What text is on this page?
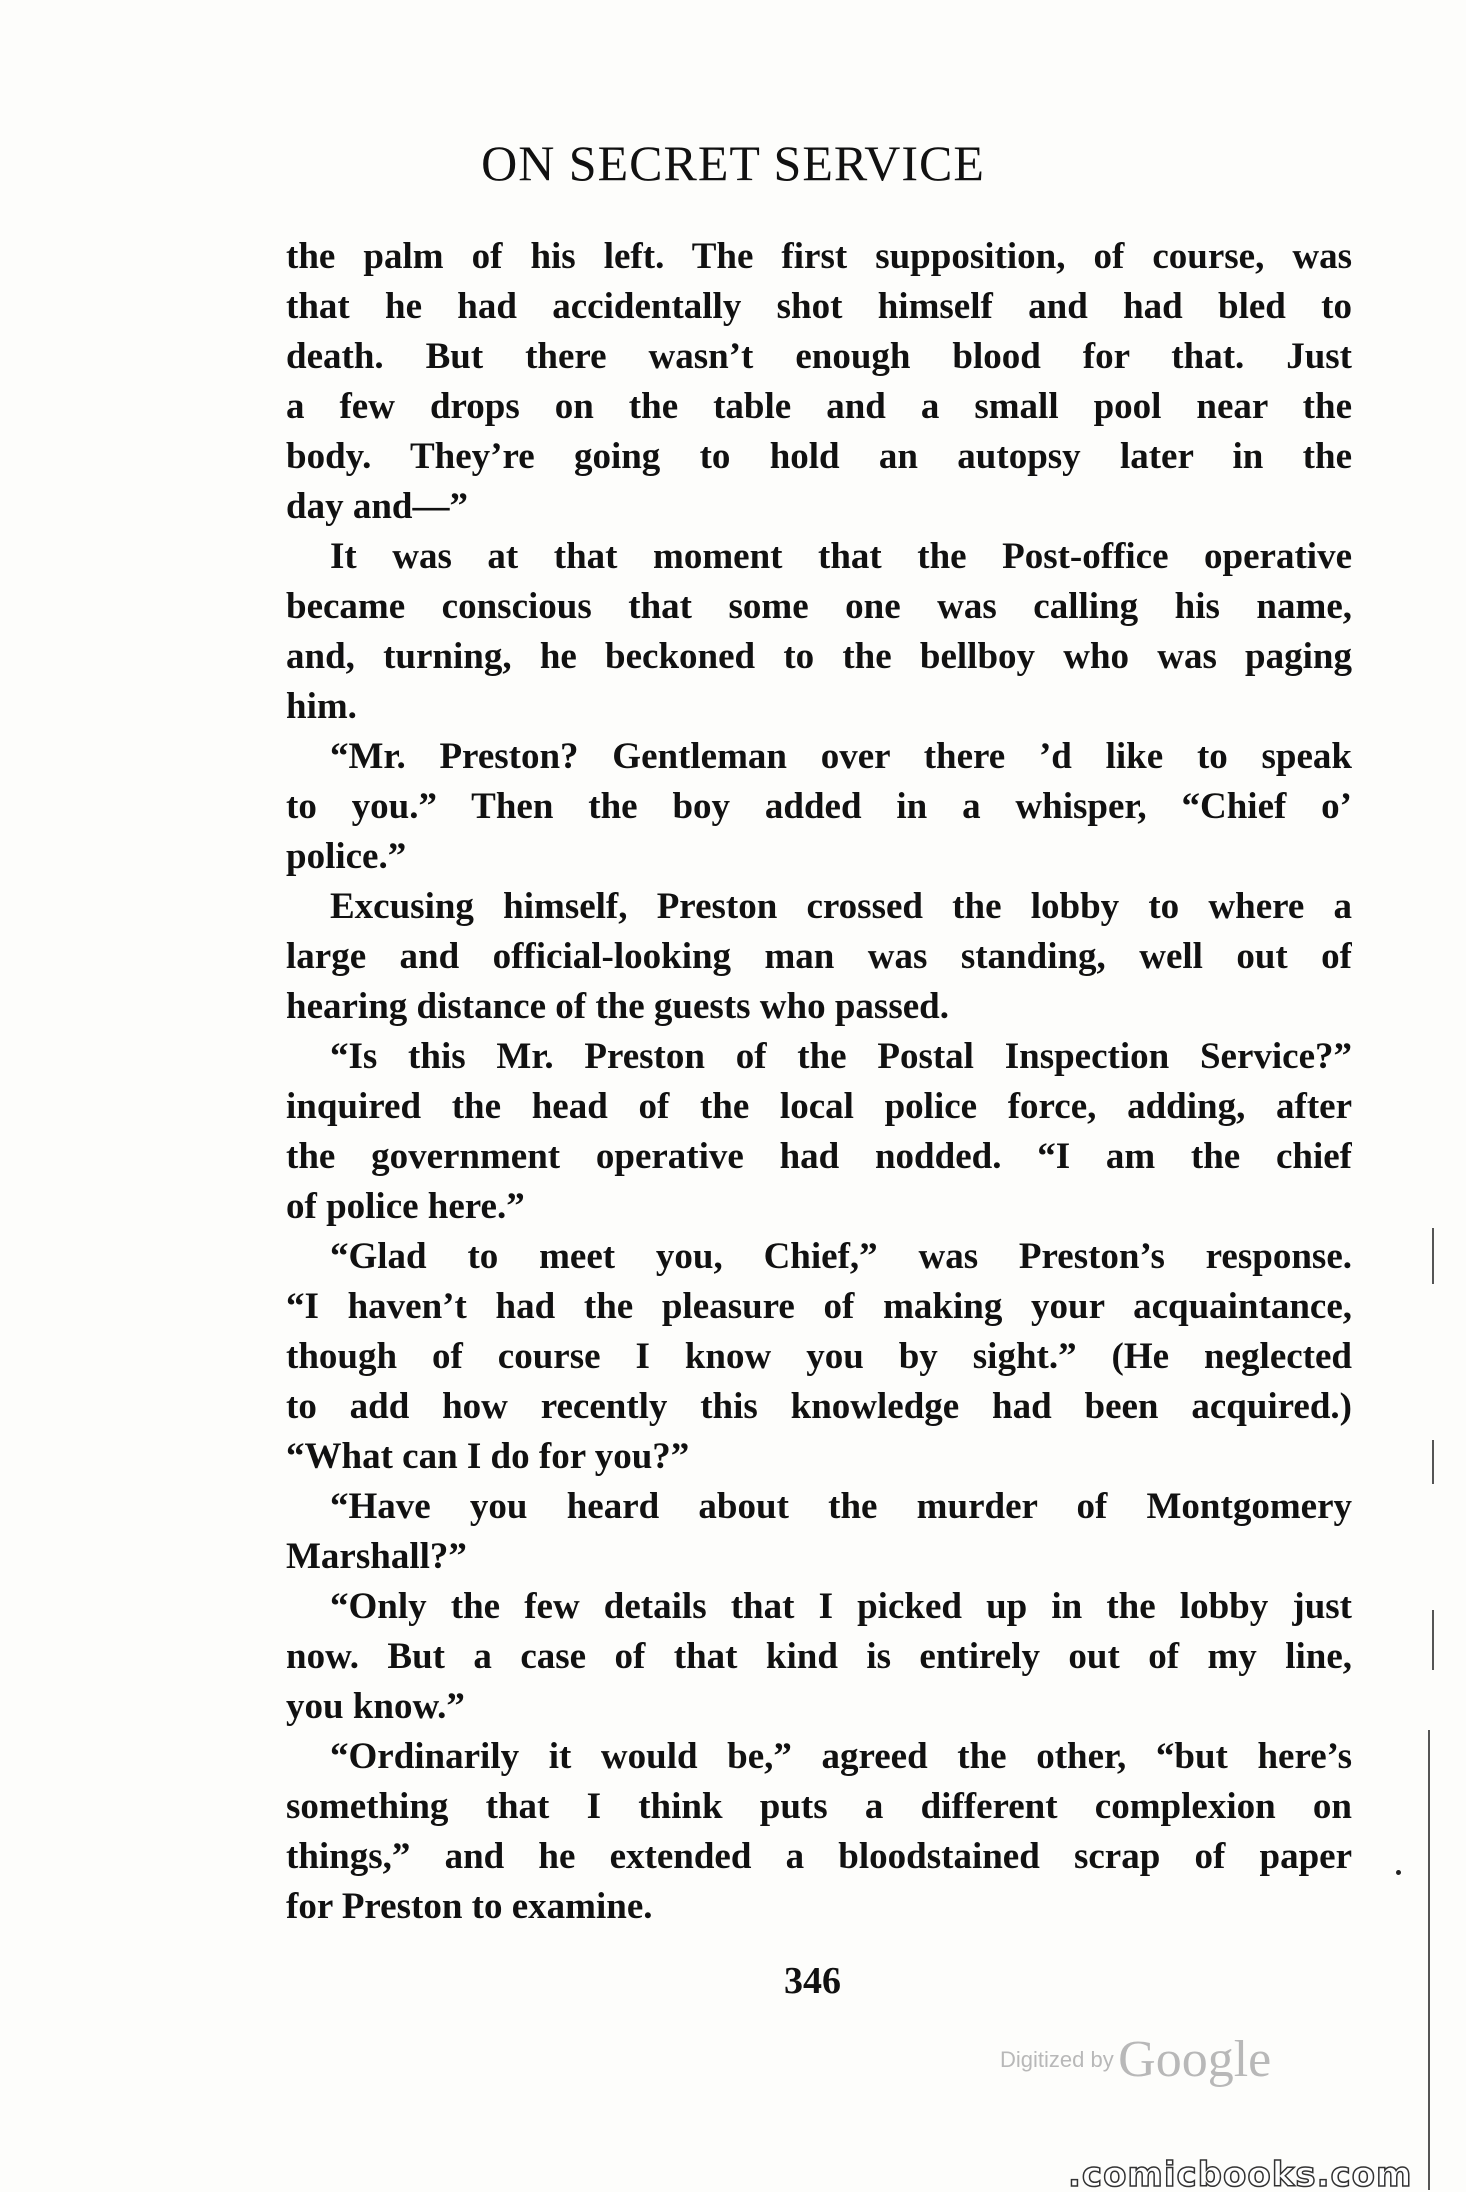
ON SECRET SERVICE
the palm of his left. The first supposition, of course, was
that he had accidentally shot himself and had bled to
death. But there wasn’t enough blood for that. Just
a few drops on the table and a small pool near the
body. They’re going to hold an autopsy later in the
day and—”
It was at that moment that the Post-office operative
became conscious that some one was calling his name,
and, turning, he beckoned to the bellboy who was paging
him.
“Mr. Preston? Gentleman over there ’d like to speak
to you.” Then the boy added in a whisper, “Chief o’
police.”
Excusing himself, Preston crossed the lobby to where a
large and official-looking man was standing, well out of
hearing distance of the guests who passed.
“Is this Mr. Preston of the Postal Inspection Service?”
inquired the head of the local police force, adding, after
the government operative had nodded. “I am the chief
of police here.”
“Glad to meet you, Chief,” was Preston’s response.
“I haven’t had the pleasure of making your acquaintance,
though of course I know you by sight.” (He neglected
to add how recently this knowledge had been acquired.)
“What can I do for you?”
“Have you heard about the murder of Montgomery
Marshall?”
“Only the few details that I picked up in the lobby just
now. But a case of that kind is entirely out of my line,
you know.”
“Ordinarily it would be,” agreed the other, “but here’s
something that I think puts a different complexion on
things,” and he extended a bloodstained scrap of paper
for Preston to examine.
346
Digitized by Google
.comicbooks.com
